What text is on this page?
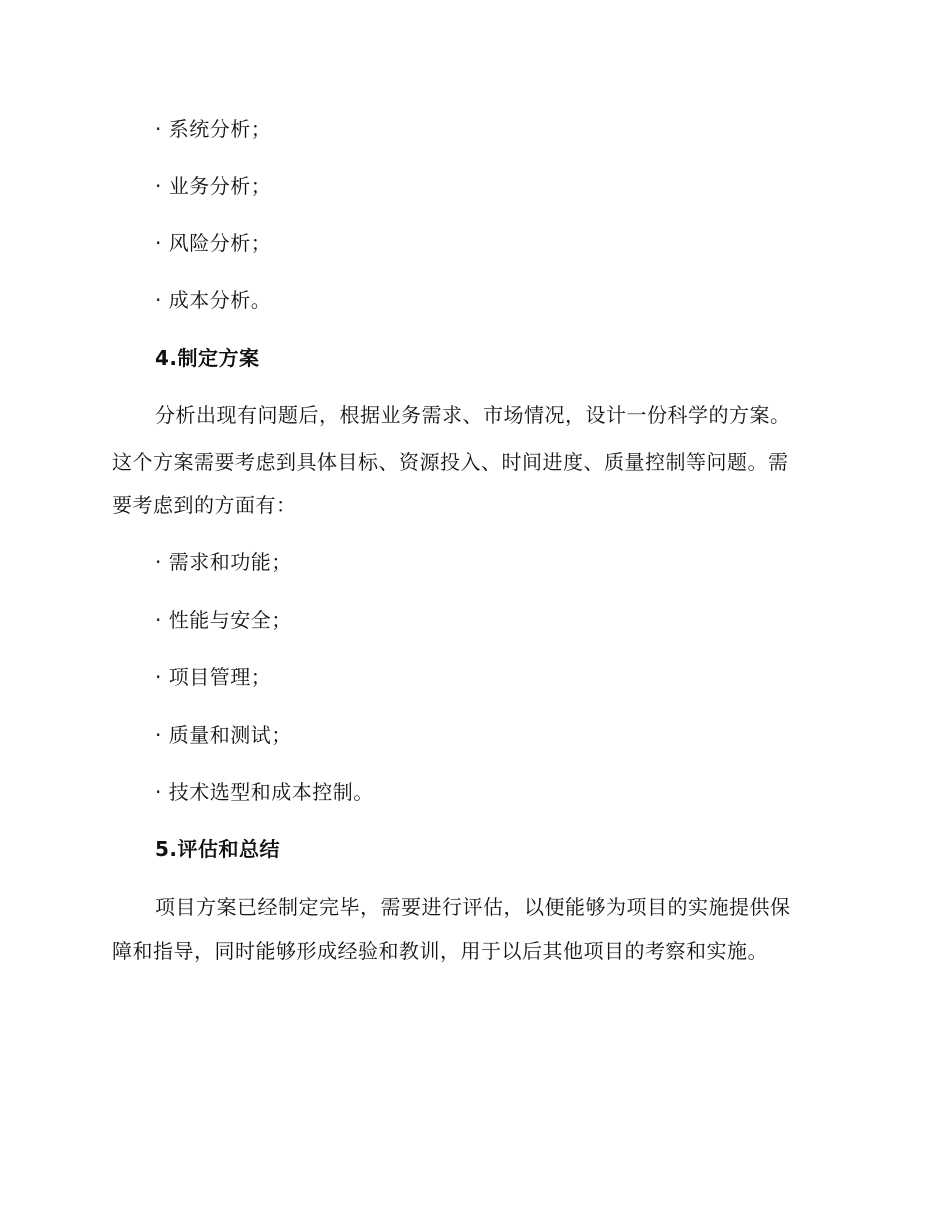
· 系统分析；
· 业务分析；
· 风险分析；
· 成本分析。
4.制定方案
分析出现有问题后，根据业务需求、市场情况，设计一份科学的方案。
这个方案需要考虑到具体目标、资源投入、时间进度、质量控制等问题。需
要考虑到的方面有：
· 需求和功能；
· 性能与安全；
· 项目管理；
· 质量和测试；
· 技术选型和成本控制。
5.评估和总结
项目方案已经制定完毕，需要进行评估，以便能够为项目的实施提供保
障和指导，同时能够形成经验和教训，用于以后其他项目的考察和实施。
